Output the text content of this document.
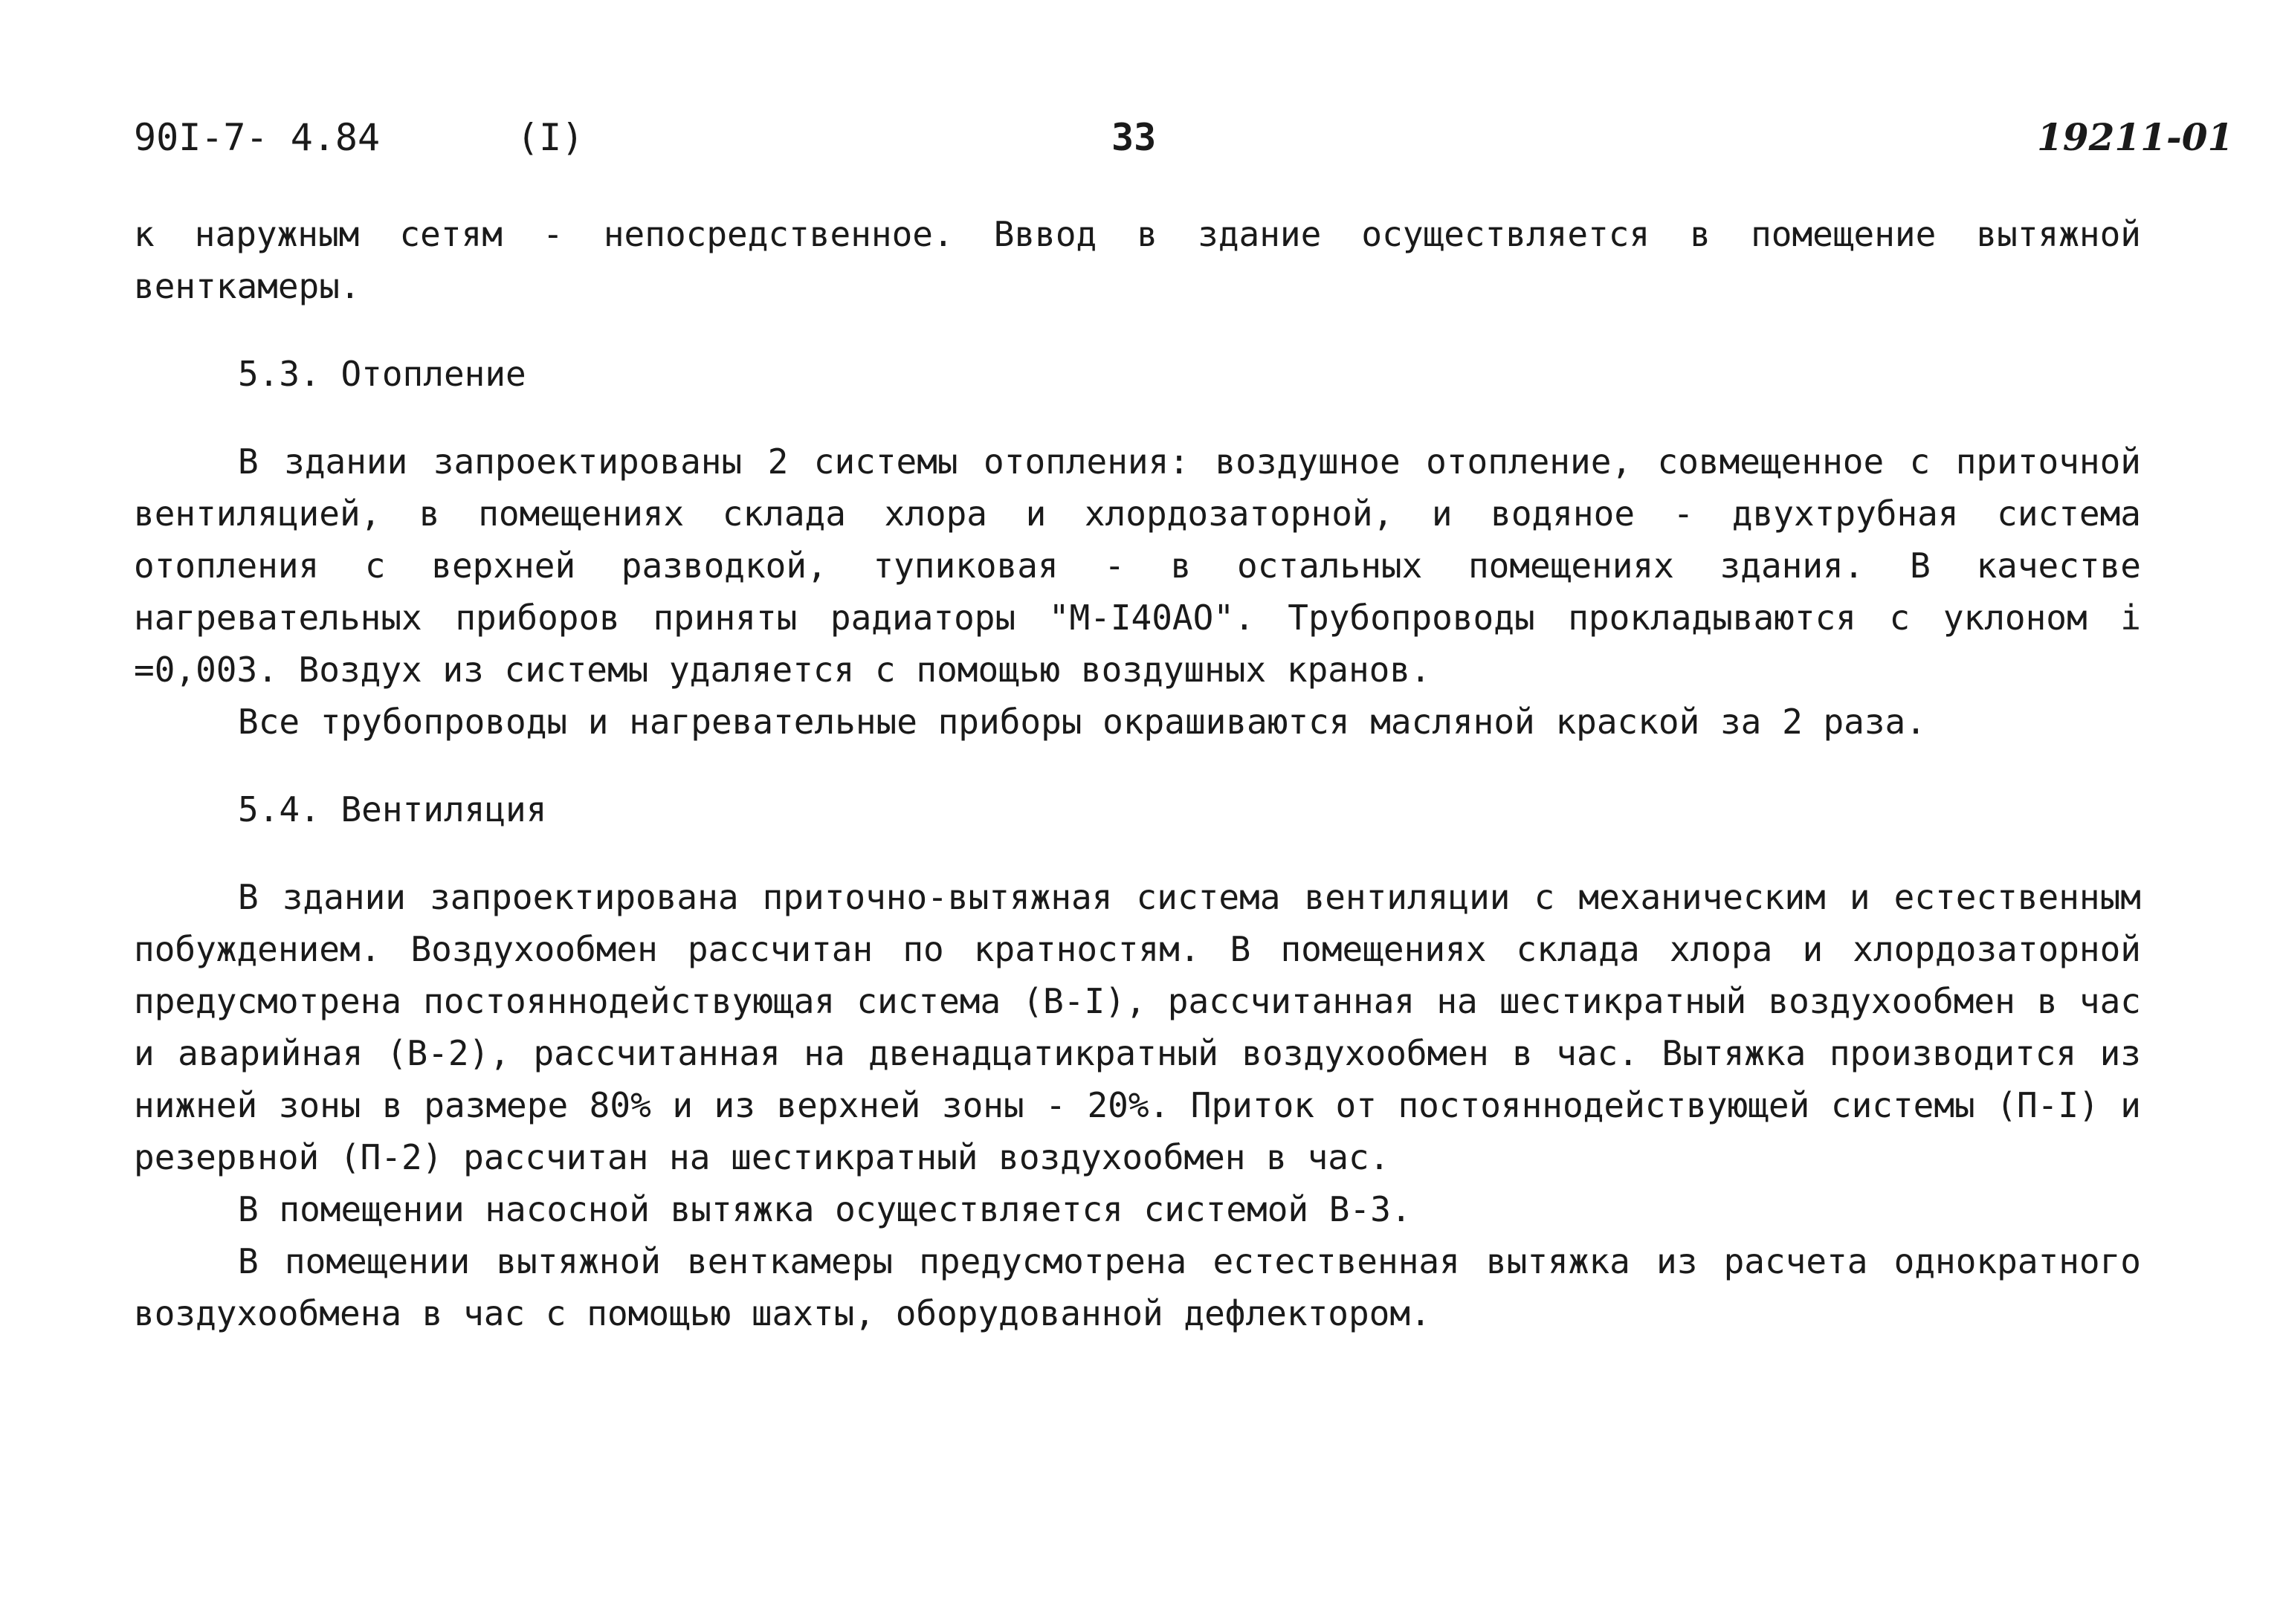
90I-7- 4.84	(I)	33	19211-01

к наружным сетям - непосредственное. Вввод в здание осуществляется в помещение вытяжной венткамеры.

5.3. Отопление

В здании запроектированы 2 системы отопления: воздушное отопление, совмещенное с приточной вентиляцией, в помещениях склада хлора и хлордозаторной, и водяное - двухтрубная система отопления с верхней разводкой, тупиковая - в остальных помещениях здания. В качестве нагревательных приборов приняты радиаторы "М-I40АО". Трубопроводы прокладываются с уклоном i =0,003. Воздух из системы удаляется с помощью воздушных кранов.

Все трубопроводы и нагревательные приборы окрашиваются масляной краской за 2 раза.

5.4. Вентиляция

В здании запроектирована приточно-вытяжная система вентиляции с механическим и естественным побуждением. Воздухообмен рассчитан по кратностям. В помещениях склада хлора и хлордозаторной предусмотрена постояннодействующая система (В-I), рассчитанная на шестикратный воздухообмен в час и аварийная (В-2), рассчитанная на двенадцатикратный воздухообмен в час. Вытяжка производится из нижней зоны в размере 80% и из верхней зоны - 20%. Приток от постояннодействующей системы (П-I) и резервной (П-2) рассчитан на шестикратный воздухообмен в час.

В помещении насосной вытяжка осуществляется системой В-3.

В помещении вытяжной венткамеры предусмотрена естественная вытяжка из расчета однократного воздухообмена в час с помощью шахты, оборудованной дефлектором.
